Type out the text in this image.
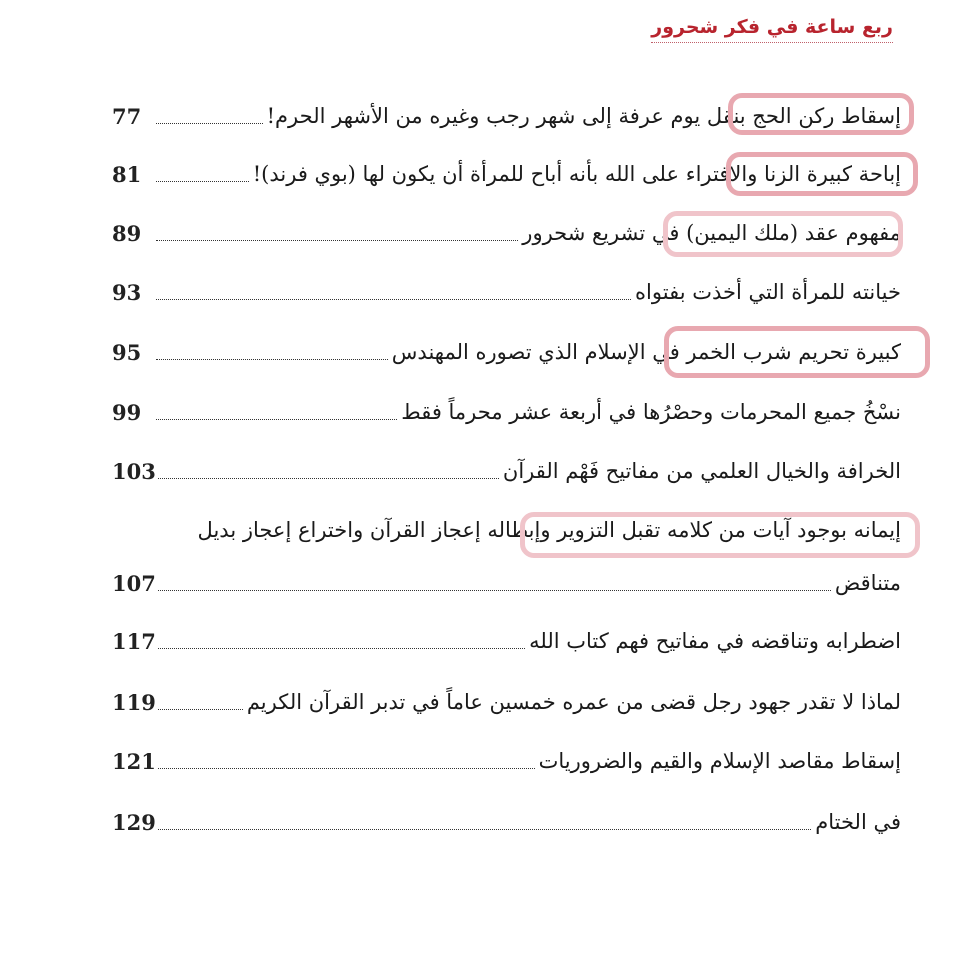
ربع ساعة في فكر شحرور
إسقاط ركن الحج بنقل يوم عرفة إلى شهر رجب وغيره من الأشهر الحرم!
77
إباحة كبيرة الزنا والافتراء على الله بأنه أباح للمرأة أن يكون لها (بوي فرند)!
81
مفهوم عقد (ملك اليمين) في تشريع شحرور
89
خيانته للمرأة التي أخذت بفتواه
93
كبيرة تحريم شرب الخمر في الإسلام الذي تصوره المهندس
95
نسْخُ جميع المحرمات وحصْرُها في أربعة عشر محرماً فقط
99
الخرافة والخيال العلمي من مفاتيح فَهْم القرآن
103
إيمانه بوجود آيات من كلامه تقبل التزوير وإبطاله إعجاز القرآن واختراع إعجاز بديل
متناقض
107
اضطرابه وتناقضه في مفاتيح فهم كتاب الله
117
لماذا لا تقدر جهود رجل قضى من عمره خمسين عاماً في تدبر القرآن الكريم
119
إسقاط مقاصد الإسلام والقيم والضروريات
121
في الختام
129
